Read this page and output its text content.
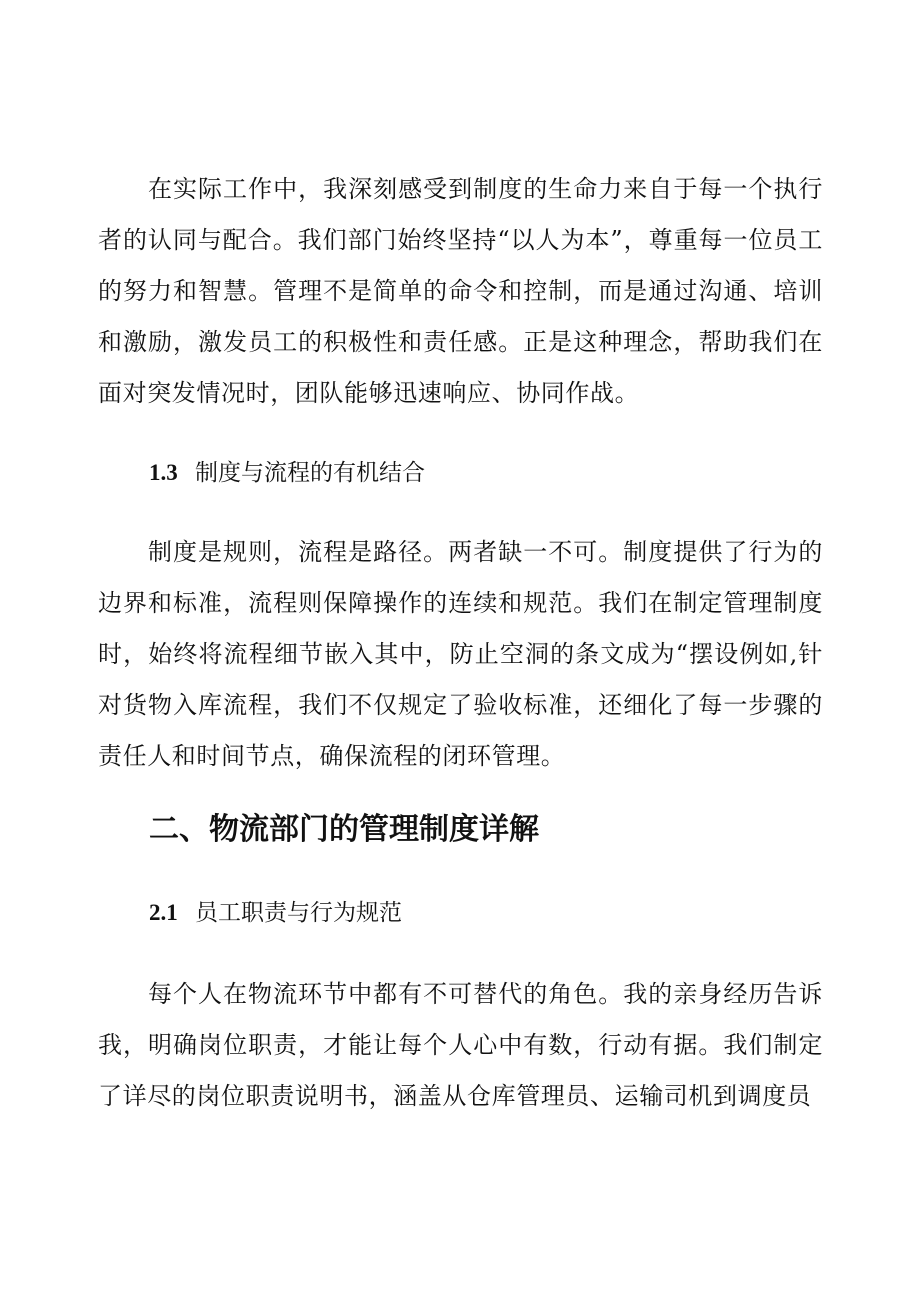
在实际工作中，我深刻感受到制度的生命力来自于每一个执行者的认同与配合。我们部门始终坚持“以人为本”，尊重每一位员工的努力和智慧。管理不是简单的命令和控制，而是通过沟通、培训和激励，激发员工的积极性和责任感。正是这种理念，帮助我们在面对突发情况时，团队能够迅速响应、协同作战。

1.3 制度与流程的有机结合

制度是规则，流程是路径。两者缺一不可。制度提供了行为的边界和标准，流程则保障操作的连续和规范。我们在制定管理制度时，始终将流程细节嵌入其中，防止空洞的条文成为“摆设例如,针对货物入库流程，我们不仅规定了验收标准，还细化了每一步骤的责任人和时间节点，确保流程的闭环管理。

二、物流部门的管理制度详解
2.1 员工职责与行为规范

每个人在物流环节中都有不可替代的角色。我的亲身经历告诉我，明确岗位职责，才能让每个人心中有数，行动有据。我们制定了详尽的岗位职责说明书，涵盖从仓库管理员、运输司机到调度员
